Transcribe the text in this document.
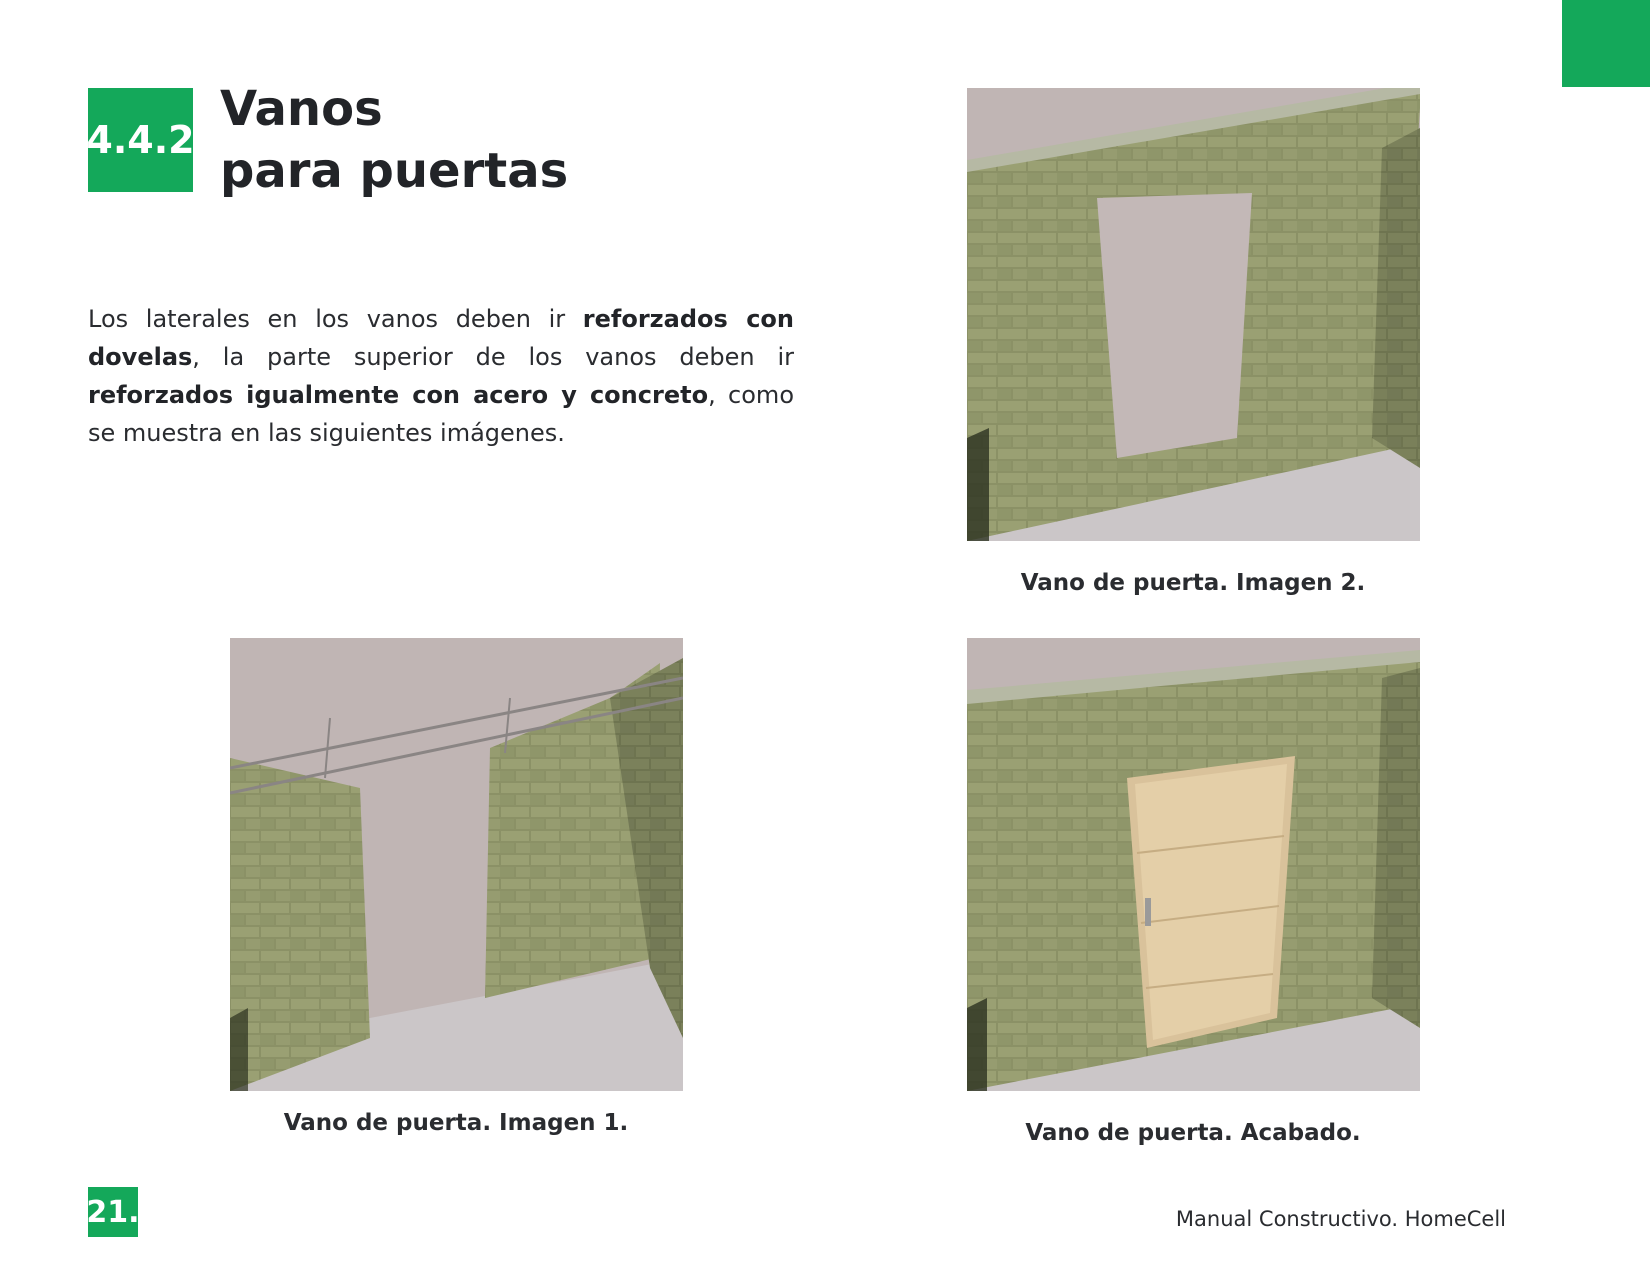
4.4.2
Vanos
para puertas

Los laterales en los vanos deben ir reforzados con dovelas, la parte superior de los vanos deben ir reforzados igualmente con acero y concreto, como se muestra en las siguientes imágenes.

Vano de puerta. Imagen 2.
Vano de puerta. Imagen 1.	Vano de puerta. Acabado.
21.	Manual Constructivo. HomeCell
